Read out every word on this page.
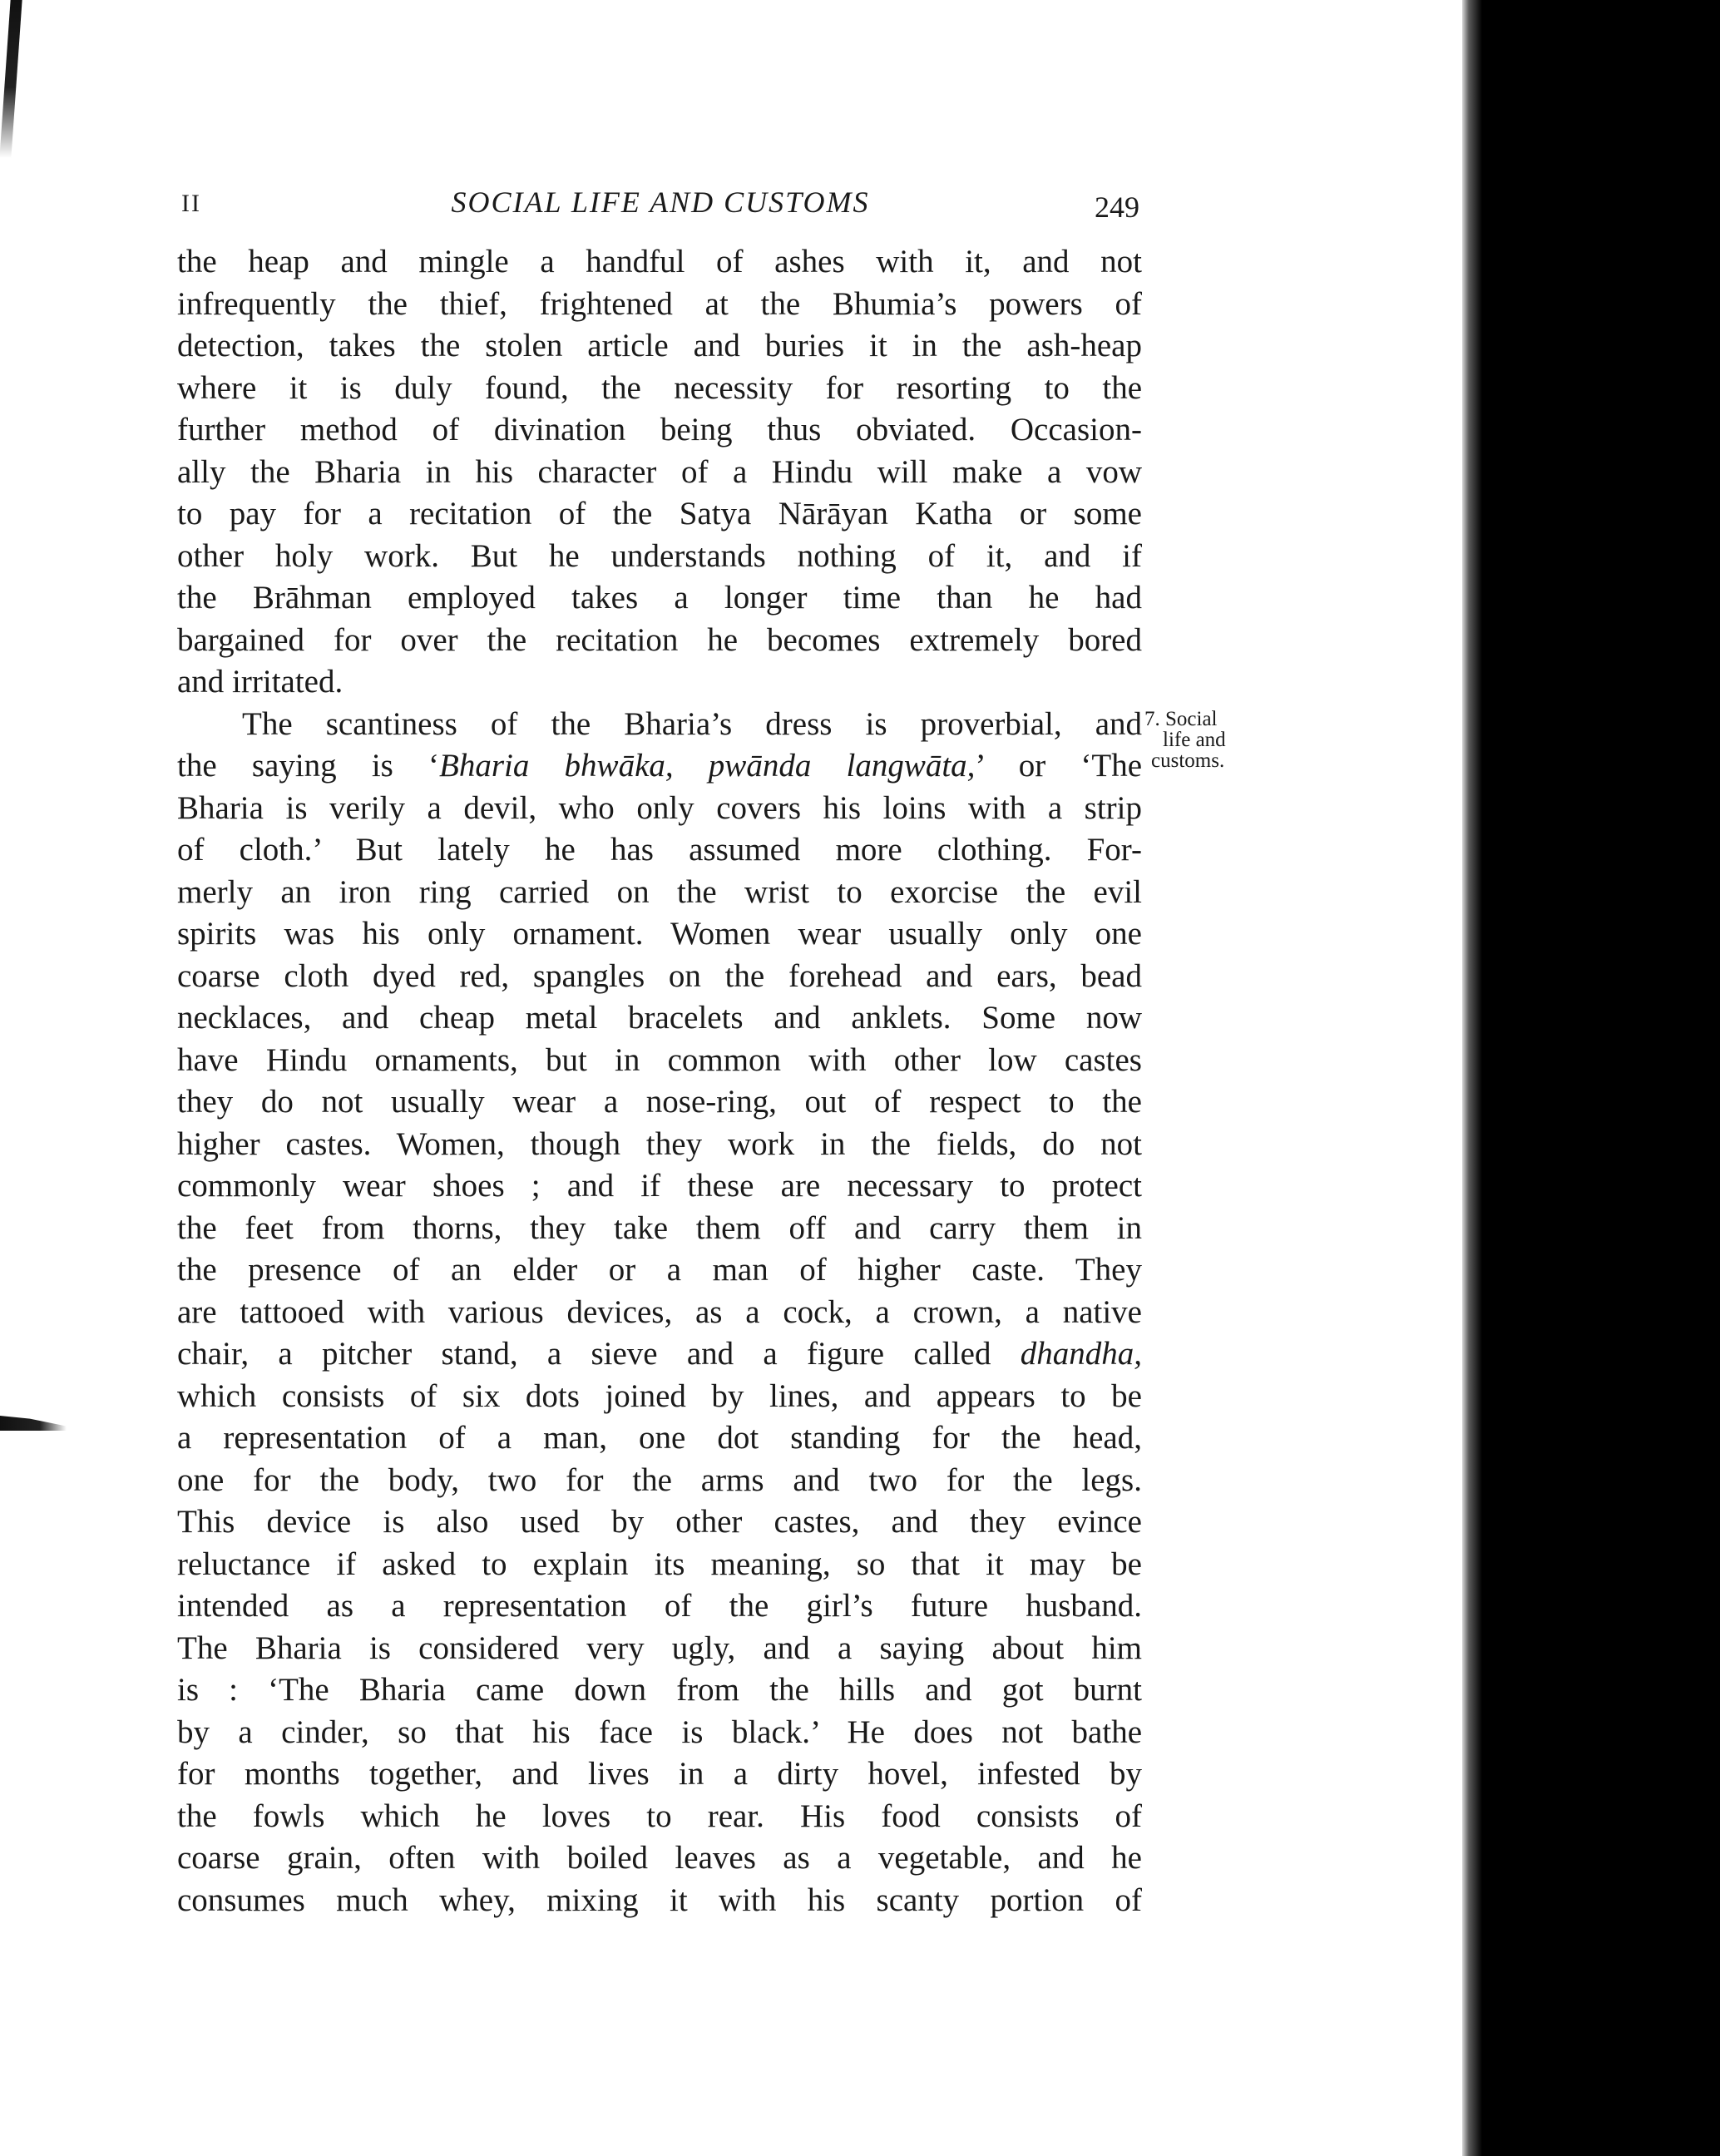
II	SOCIAL LIFE AND CUSTOMS	249
the heap and mingle a handful of ashes with it, and not
infrequently the thief, frightened at the Bhumia’s powers of
detection, takes the stolen article and buries it in the ash-heap
where it is duly found, the necessity for resorting to the
further method of divination being thus obviated. Occasion-
ally the Bharia in his character of a Hindu will make a vow
to pay for a recitation of the Satya Nārāyan Katha or some
other holy work. But he understands nothing of it, and if
the Brāhman employed takes a longer time than he had
bargained for over the recitation he becomes extremely bored
and irritated.
The scantiness of the Bharia’s dress is proverbial, and
the saying is ‘Bharia bhwāka, pwānda langwāta,’ or ‘The
Bharia is verily a devil, who only covers his loins with a strip
of cloth.’ But lately he has assumed more clothing. For-
merly an iron ring carried on the wrist to exorcise the evil
spirits was his only ornament. Women wear usually only one
coarse cloth dyed red, spangles on the forehead and ears, bead
necklaces, and cheap metal bracelets and anklets. Some now
have Hindu ornaments, but in common with other low castes
they do not usually wear a nose-ring, out of respect to the
higher castes. Women, though they work in the fields, do not
commonly wear shoes ; and if these are necessary to protect
the feet from thorns, they take them off and carry them in
the presence of an elder or a man of higher caste. They
are tattooed with various devices, as a cock, a crown, a native
chair, a pitcher stand, a sieve and a figure called dhandha,
which consists of six dots joined by lines, and appears to be
a representation of a man, one dot standing for the head,
one for the body, two for the arms and two for the legs.
This device is also used by other castes, and they evince
reluctance if asked to explain its meaning, so that it may be
intended as a representation of the girl’s future husband.
The Bharia is considered very ugly, and a saying about him
is : ‘The Bharia came down from the hills and got burnt
by a cinder, so that his face is black.’ He does not bathe
for months together, and lives in a dirty hovel, infested by
the fowls which he loves to rear. His food consists of
coarse grain, often with boiled leaves as a vegetable, and he
consumes much whey, mixing it with his scanty portion of
7. Social
life and
customs.
